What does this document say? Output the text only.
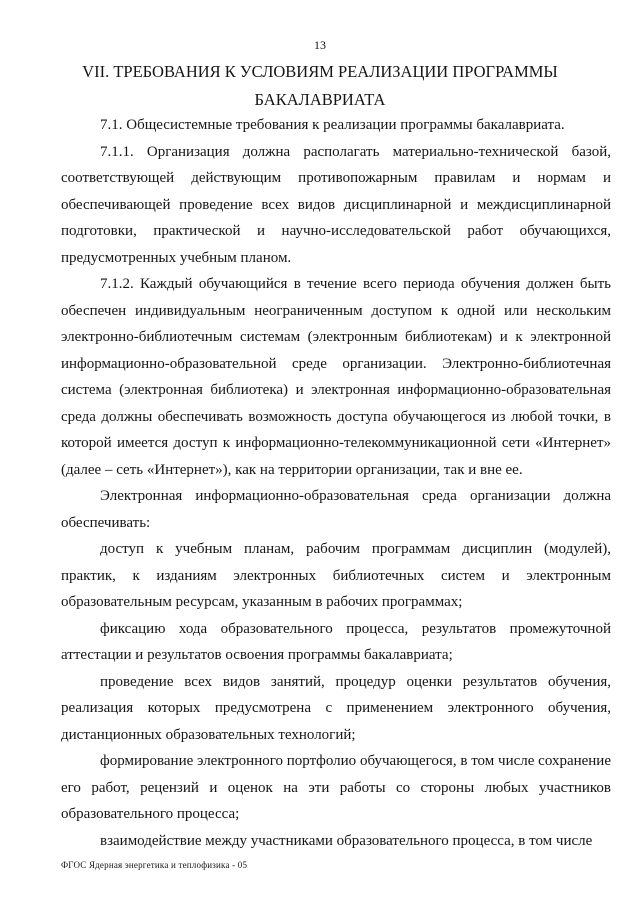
13
VII. ТРЕБОВАНИЯ К УСЛОВИЯМ РЕАЛИЗАЦИИ ПРОГРАММЫ БАКАЛАВРИАТА

7.1. Общесистемные требования к реализации программы бакалавриата.

7.1.1. Организация должна располагать материально-технической базой, соответствующей действующим противопожарным правилам и нормам и обеспечивающей проведение всех видов дисциплинарной и междисциплинарной подготовки, практической и научно-исследовательской работ обучающихся, предусмотренных учебным планом.

7.1.2. Каждый обучающийся в течение всего периода обучения должен быть обеспечен индивидуальным неограниченным доступом к одной или нескольким электронно-библиотечным системам (электронным библиотекам) и к электронной информационно-образовательной среде организации. Электронно-библиотечная система (электронная библиотека) и электронная информационно-образовательная среда должны обеспечивать возможность доступа обучающегося из любой точки, в которой имеется доступ к информационно-телекоммуникационной сети «Интернет» (далее – сеть «Интернет»), как на территории организации, так и вне ее.

Электронная информационно-образовательная среда организации должна обеспечивать:

доступ к учебным планам, рабочим программам дисциплин (модулей), практик, к изданиям электронных библиотечных систем и электронным образовательным ресурсам, указанным в рабочих программах;

фиксацию хода образовательного процесса, результатов промежуточной аттестации и результатов освоения программы бакалавриата;

проведение всех видов занятий, процедур оценки результатов обучения, реализация которых предусмотрена с применением электронного обучения, дистанционных образовательных технологий;

формирование электронного портфолио обучающегося, в том числе сохранение его работ, рецензий и оценок на эти работы со стороны любых участников образовательного процесса;

взаимодействие между участниками образовательного процесса, в том числе

ФГОС Ядерная энергетика и теплофизика - 05
